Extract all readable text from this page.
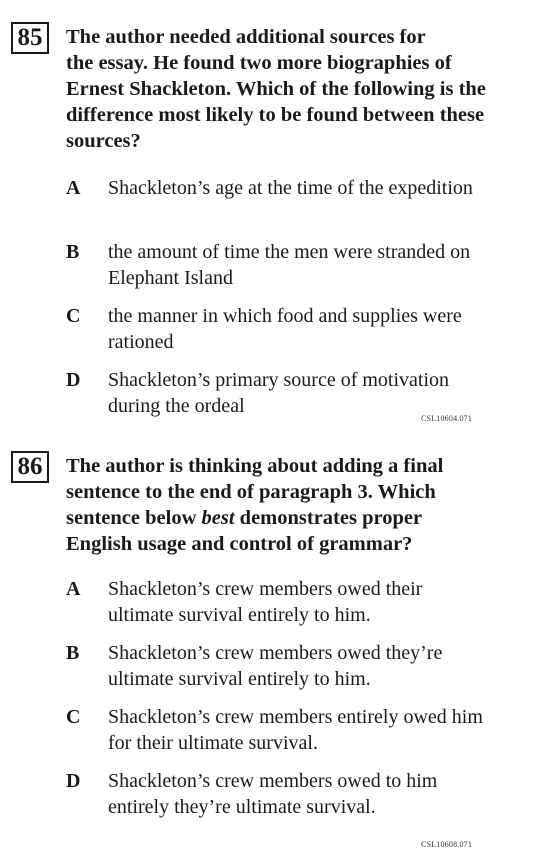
85	The author needed additional sources for
the essay. He found two more biographies of
Ernest Shackleton. Which of the following is the
difference most likely to be found between these
sources?
A	Shackleton’s age at the time of the expedition
B	the amount of time the men were stranded on
Elephant Island
C	the manner in which food and supplies were
rationed
D	Shackleton’s primary source of motivation
during the ordeal
CSL10604.071
86	The author is thinking about adding a final
sentence to the end of paragraph 3. Which
sentence below best demonstrates proper
English usage and control of grammar?
A	Shackleton’s crew members owed their
ultimate survival entirely to him.
B	Shackleton’s crew members owed they’re
ultimate survival entirely to him.
C	Shackleton’s crew members entirely owed him
for their ultimate survival.
D	Shackleton’s crew members owed to him
entirely they’re ultimate survival.
CSL10608.071
